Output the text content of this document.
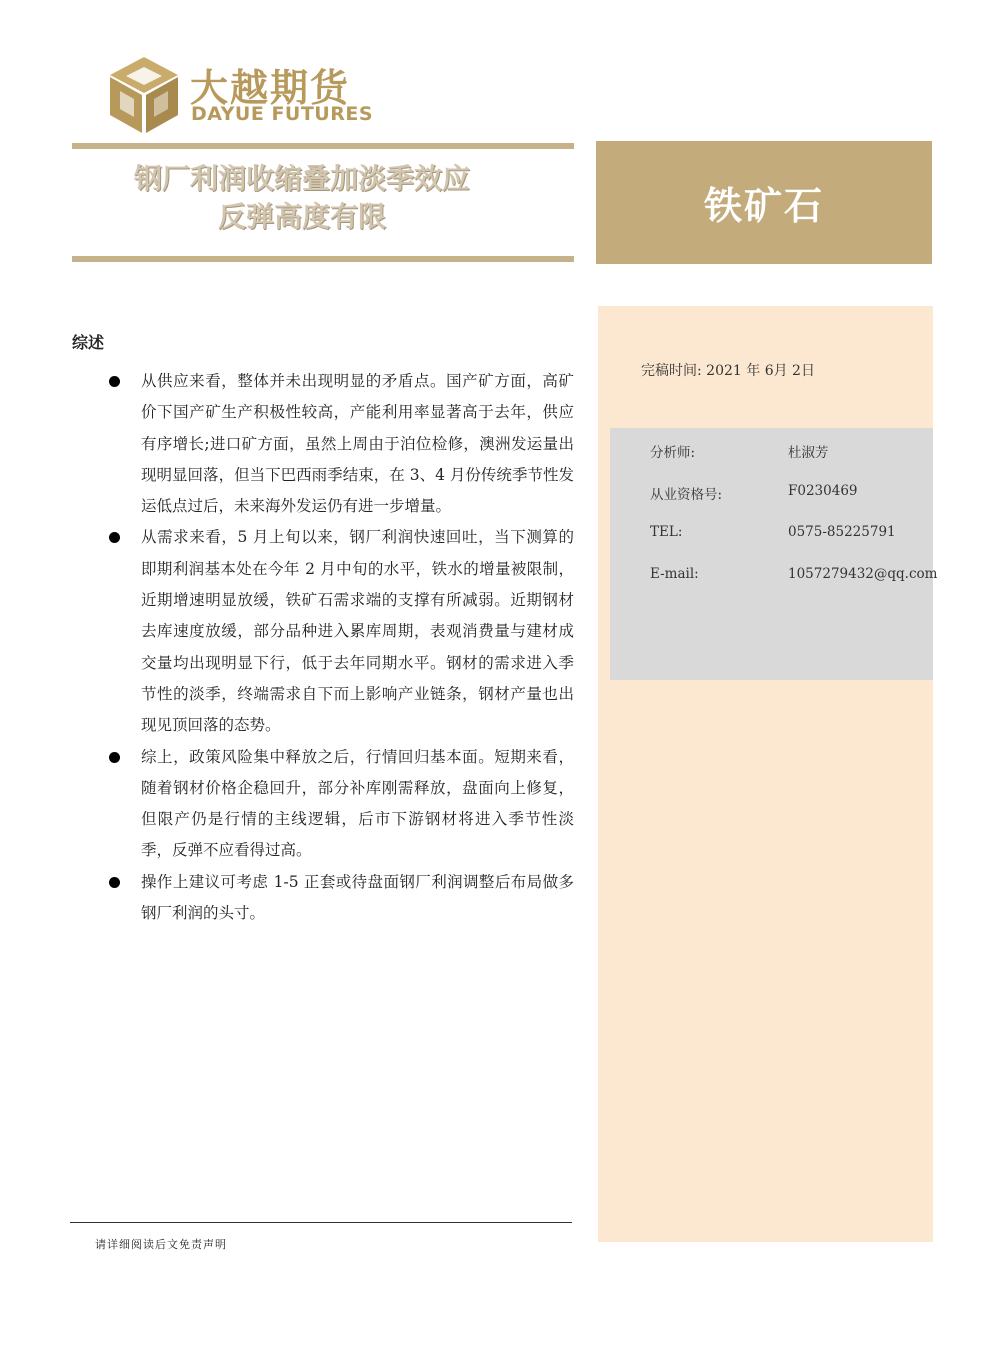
大越期货
DAYUE FUTURES
钢厂利润收缩叠加淡季效应
反弹高度有限	铁矿石
完稿时间: 2021 年 6月 2日
分析师:	杜淑芳
从业资格号:	F0230469
TEL:	0575-85225791
E-mail:	1057279432@qq.com
综述
从供应来看，整体并未出现明显的矛盾点。国产矿方面，高矿价下国产矿生产积极性较高，产能利用率显著高于去年，供应有序增长;进口矿方面，虽然上周由于泊位检修，澳洲发运量出现明显回落，但当下巴西雨季结束，在 3、4 月份传统季节性发运低点过后，未来海外发运仍有进一步增量。
从需求来看，5 月上旬以来，钢厂利润快速回吐，当下测算的即期利润基本处在今年 2 月中旬的水平，铁水的增量被限制，近期增速明显放缓，铁矿石需求端的支撑有所减弱。近期钢材去库速度放缓，部分品种进入累库周期，表观消费量与建材成交量均出现明显下行，低于去年同期水平。钢材的需求进入季节性的淡季，终端需求自下而上影响产业链条，钢材产量也出现见顶回落的态势。
综上，政策风险集中释放之后，行情回归基本面。短期来看，随着钢材价格企稳回升，部分补库刚需释放，盘面向上修复，但限产仍是行情的主线逻辑，后市下游钢材将进入季节性淡季，反弹不应看得过高。
操作上建议可考虑 1-5 正套或待盘面钢厂利润调整后布局做多钢厂利润的头寸。
请详细阅读后文免责声明
